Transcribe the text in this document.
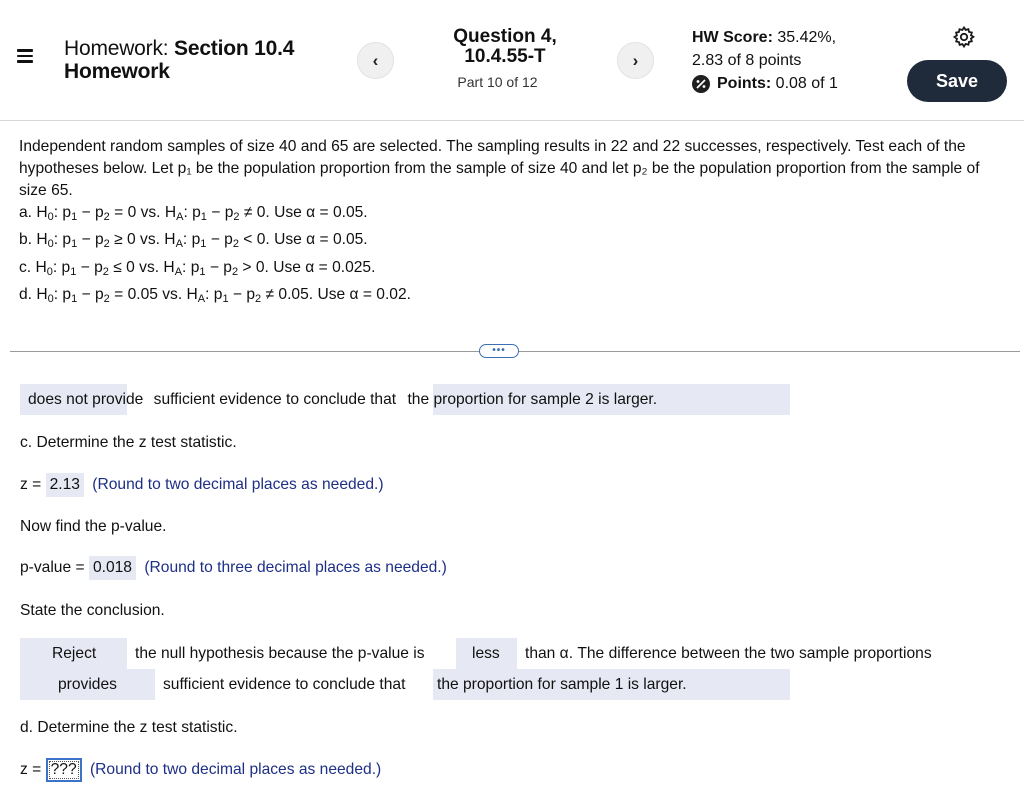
Homework: Section 10.4
Homework	‹
Question 4,
10.4.55-T
Part 10 of 12
›
HW Score: 35.42%,
2.83 of 8 points
Points: 0.08 of 1	Save
Independent random samples of size 40 and 65 are selected. The sampling results in 22 and 22 successes, respectively. Test each of the hypotheses below. Let p₁ be the population proportion from the sample of size 40 and let p₂ be the population proportion from the sample of size 65.
a. $H_0$: $p_1 - p_2 = 0$ vs. $H_A$: $p_1 - p_2 \ne 0$. Use α = 0.05.
b. $H_0$: $p_1 - p_2 \ge 0$ vs. $H_A$: $p_1 - p_2 < 0$. Use α = 0.05.
c. $H_0$: $p_1 - p_2 \le 0$ vs. $H_A$: $p_1 - p_2 > 0$. Use α = 0.025.
d. $H_0$: $p_1 - p_2 = 0.05$ vs. $H_A$: $p_1 - p_2 \ne 0.05$. Use α = 0.02.
•••
does not provide sufficient evidence to conclude that the proportion for sample 2 is larger.
c. Determine the z test statistic.
z = 2.13 (Round to two decimal places as needed.)
Now find the p-value.
p-value = 0.018 (Round to three decimal places as needed.)
State the conclusion.
Reject the null hypothesis because the p-value is	less than α. The difference between the two sample proportions
provides	sufficient evidence to conclude that the proportion for sample 1 is larger.
d. Determine the z test statistic.
z = ??? (Round to two decimal places as needed.)
